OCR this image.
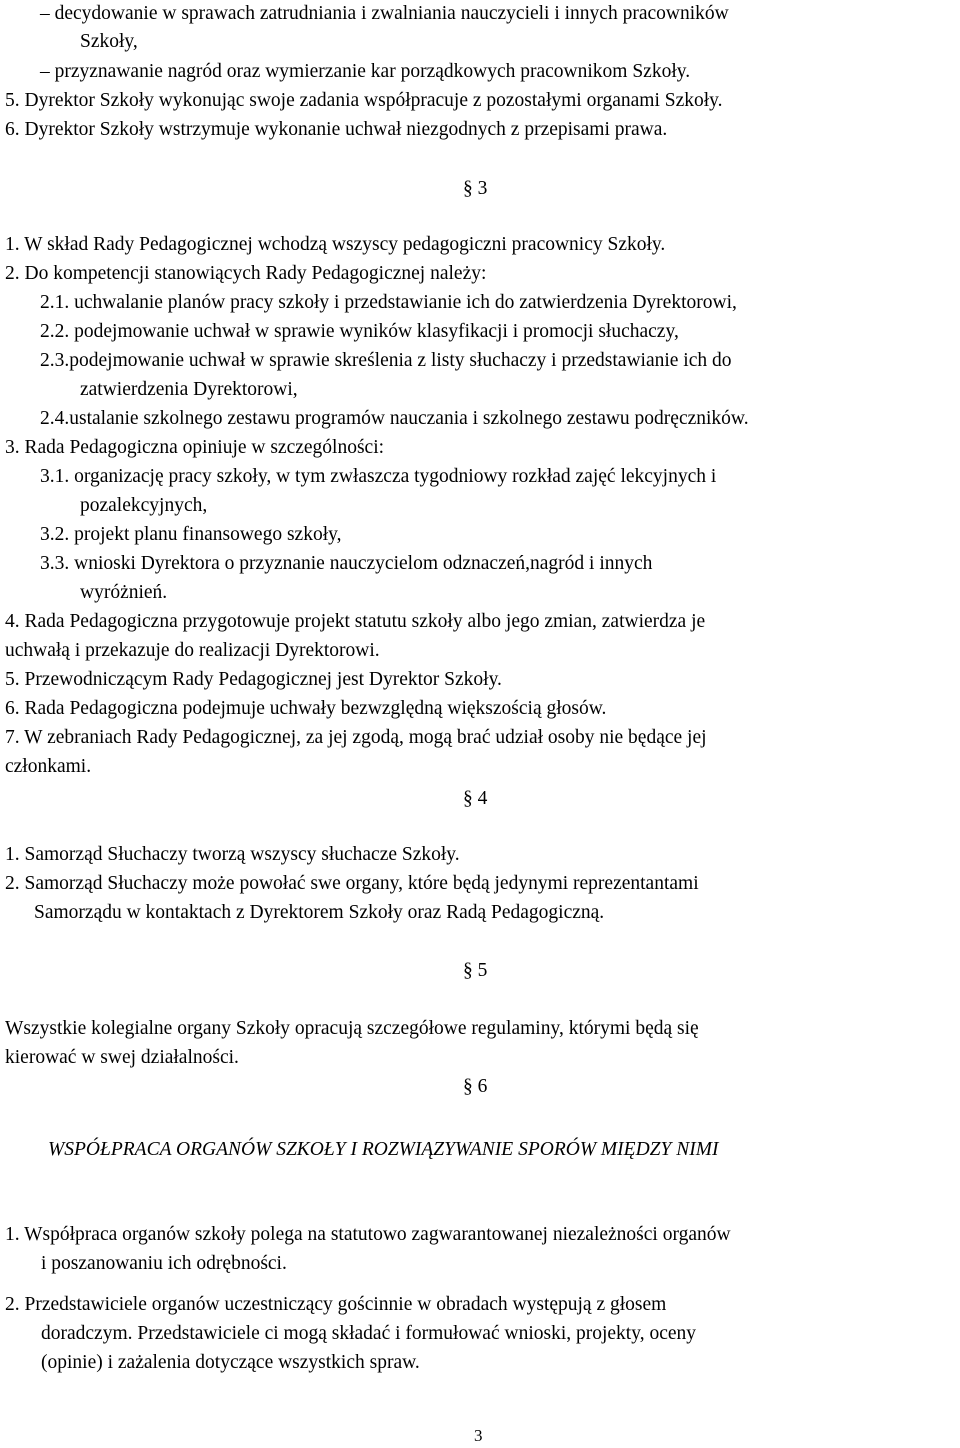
– decydowanie w sprawach zatrudniania i zwalniania nauczycieli i innych pracowników
Szkoły,
– przyznawanie nagród oraz wymierzanie kar porządkowych pracownikom Szkoły.
5. Dyrektor Szkoły wykonując swoje zadania współpracuje z pozostałymi organami Szkoły.
6. Dyrektor Szkoły wstrzymuje wykonanie uchwał niezgodnych z przepisami prawa.
§ 3
1. W skład Rady Pedagogicznej wchodzą wszyscy pedagogiczni pracownicy Szkoły.
2. Do kompetencji stanowiących Rady Pedagogicznej należy:
2.1. uchwalanie planów pracy szkoły i przedstawianie ich do zatwierdzenia Dyrektorowi,
2.2. podejmowanie uchwał w sprawie wyników klasyfikacji i promocji słuchaczy,
2.3.podejmowanie uchwał w sprawie skreślenia z listy słuchaczy i przedstawianie ich do
zatwierdzenia Dyrektorowi,
2.4.ustalanie szkolnego zestawu programów nauczania i szkolnego zestawu podręczników.
3. Rada Pedagogiczna opiniuje w szczególności:
3.1. organizację pracy szkoły, w tym zwłaszcza tygodniowy rozkład zajęć lekcyjnych i
pozalekcyjnych,
3.2. projekt planu finansowego szkoły,
3.3. wnioski Dyrektora o przyznanie nauczycielom odznaczeń,nagród i innych
wyróżnień.
4. Rada Pedagogiczna przygotowuje projekt statutu szkoły albo jego zmian, zatwierdza je
uchwałą i przekazuje do realizacji Dyrektorowi.
5. Przewodniczącym Rady Pedagogicznej jest Dyrektor Szkoły.
6. Rada Pedagogiczna podejmuje uchwały bezwzględną większością głosów.
7. W zebraniach Rady Pedagogicznej, za jej zgodą, mogą brać udział osoby nie będące jej
członkami.
§ 4
1. Samorząd Słuchaczy tworzą wszyscy słuchacze Szkoły.
2. Samorząd Słuchaczy może powołać swe organy, które będą jedynymi reprezentantami
Samorządu w kontaktach z Dyrektorem Szkoły oraz Radą Pedagogiczną.
§ 5
Wszystkie kolegialne organy Szkoły opracują szczegółowe regulaminy, którymi będą się
kierować w swej działalności.
§ 6
WSPÓŁPRACA ORGANÓW SZKOŁY I ROZWIĄZYWANIE SPORÓW MIĘDZY NIMI
1. Współpraca organów szkoły polega na statutowo zagwarantowanej niezależności organów
i poszanowaniu ich odrębności.
2. Przedstawiciele organów uczestniczący gościnnie w obradach występują z głosem
doradczym. Przedstawiciele ci mogą składać i formułować wnioski, projekty, oceny
(opinie) i zażalenia dotyczące wszystkich spraw.
3
